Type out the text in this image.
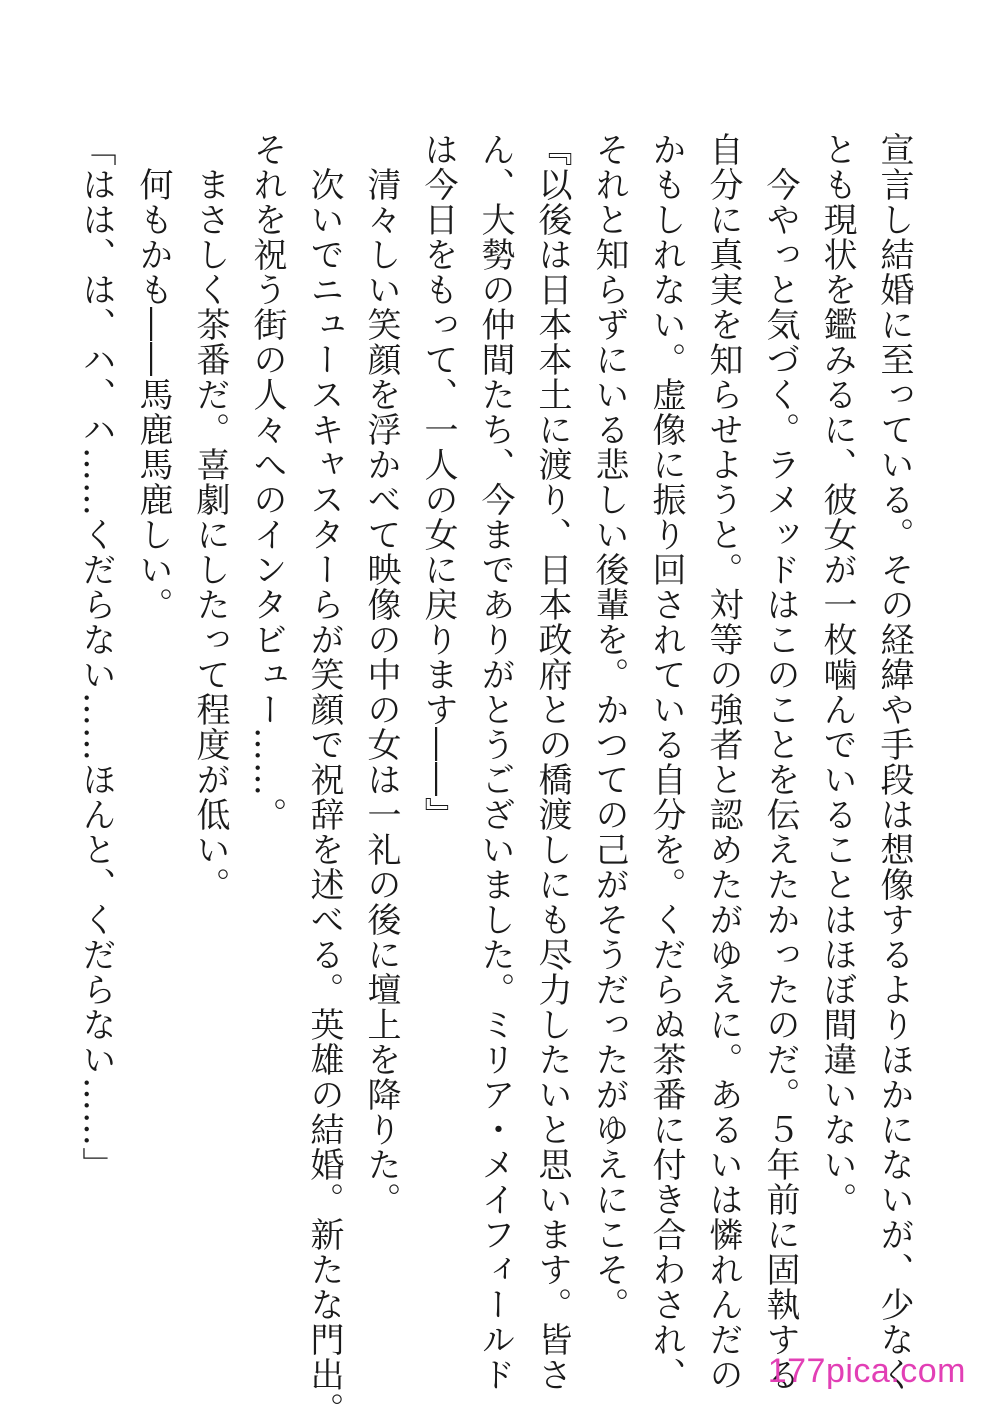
宣言し結婚に至っている。その経緯や手段は想像するよりほかにないが、少なく
とも現状を鑑みるに、彼女が一枚噛んでいることはほぼ間違いない。
　今やっと気づく。ラメッドはこのことを伝えたかったのだ。５年前に固執する
自分に真実を知らせようと。対等の強者と認めたがゆえに。あるいは憐れんだの
かもしれない。虚像に振り回されている自分を。くだらぬ茶番に付き合わされ、
それと知らずにいる悲しい後輩を。かつての己がそうだったがゆえにこそ。
『以後は日本本土に渡り、日本政府との橋渡しにも尽力したいと思います。皆さ
ん、大勢の仲間たち、今までありがとうございました。ミリア・メイフィールド
は今日をもって、一人の女に戻ります――』
　清々しい笑顔を浮かべて映像の中の女は一礼の後に壇上を降りた。
　次いでニュースキャスターらが笑顔で祝辞を述べる。英雄の結婚。新たな門出。
それを祝う街の人々へのインタビュー……。
　まさしく茶番だ。喜劇にしたって程度が低い。
　何もかも――馬鹿馬鹿しい。
「はは、は、ハ、ハ……くだらない……ほんと、くだらない……」
177pica.com
